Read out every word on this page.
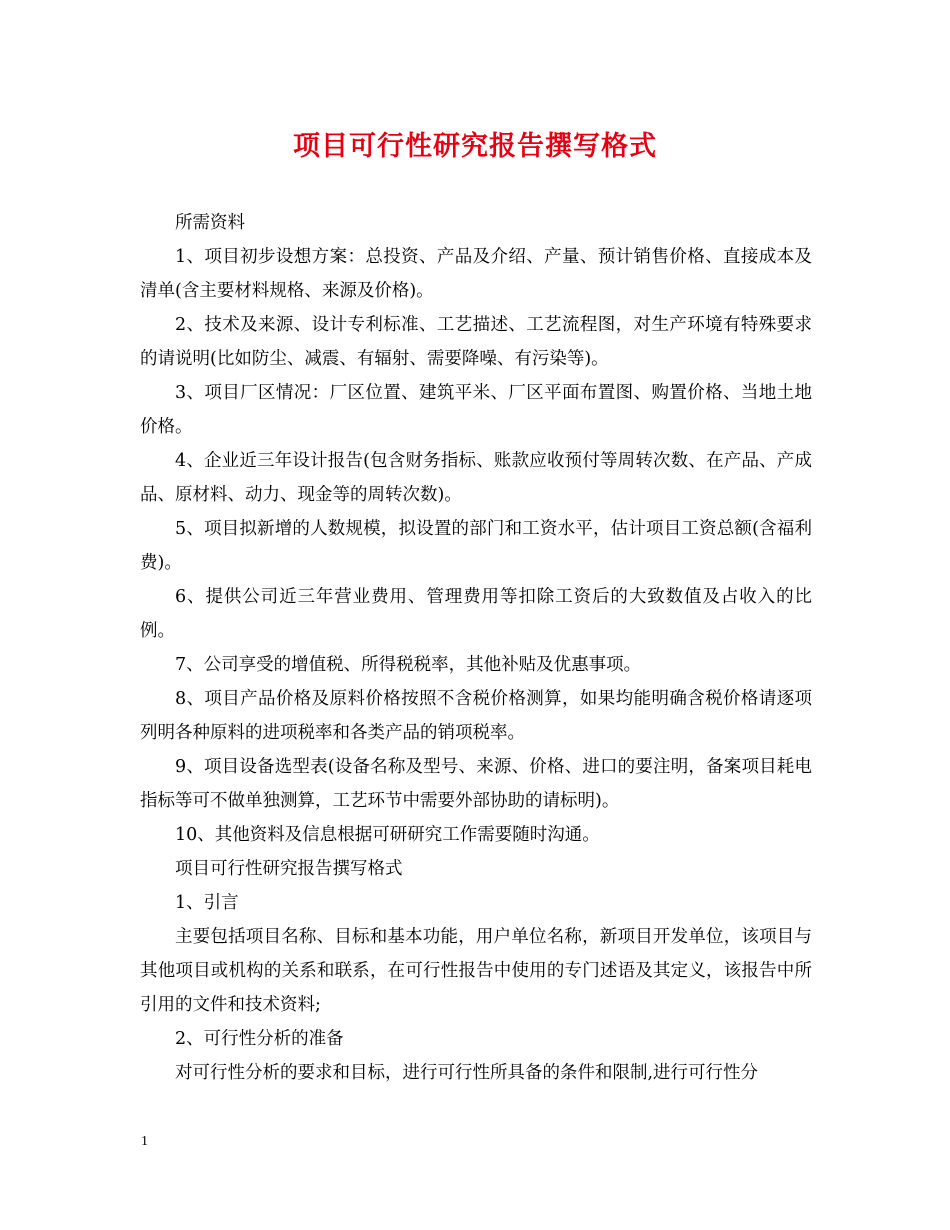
项目可行性研究报告撰写格式

所需资料

1、项目初步设想方案：总投资、产品及介绍、产量、预计销售价格、直接成本及清单(含主要材料规格、来源及价格)。

2、技术及来源、设计专利标准、工艺描述、工艺流程图，对生产环境有特殊要求的请说明(比如防尘、减震、有辐射、需要降噪、有污染等)。

3、项目厂区情况：厂区位置、建筑平米、厂区平面布置图、购置价格、当地土地价格。

4、企业近三年设计报告(包含财务指标、账款应收预付等周转次数、在产品、产成品、原材料、动力、现金等的周转次数)。

5、项目拟新增的人数规模，拟设置的部门和工资水平，估计项目工资总额(含福利费)。

6、提供公司近三年营业费用、管理费用等扣除工资后的大致数值及占收入的比例。

7、公司享受的增值税、所得税税率，其他补贴及优惠事项。

8、项目产品价格及原料价格按照不含税价格测算，如果均能明确含税价格请逐项列明各种原料的进项税率和各类产品的销项税率。

9、项目设备选型表(设备名称及型号、来源、价格、进口的要注明，备案项目耗电指标等可不做单独测算，工艺环节中需要外部协助的请标明)。

10、其他资料及信息根据可研研究工作需要随时沟通。

项目可行性研究报告撰写格式

1、引言

主要包括项目名称、目标和基本功能，用户单位名称，新项目开发单位，该项目与其他项目或机构的关系和联系，在可行性报告中使用的专门述语及其定义，该报告中所引用的文件和技术资料;

2、可行性分析的准备

对可行性分析的要求和目标，进行可行性所具备的条件和限制,进行可行性分

1
